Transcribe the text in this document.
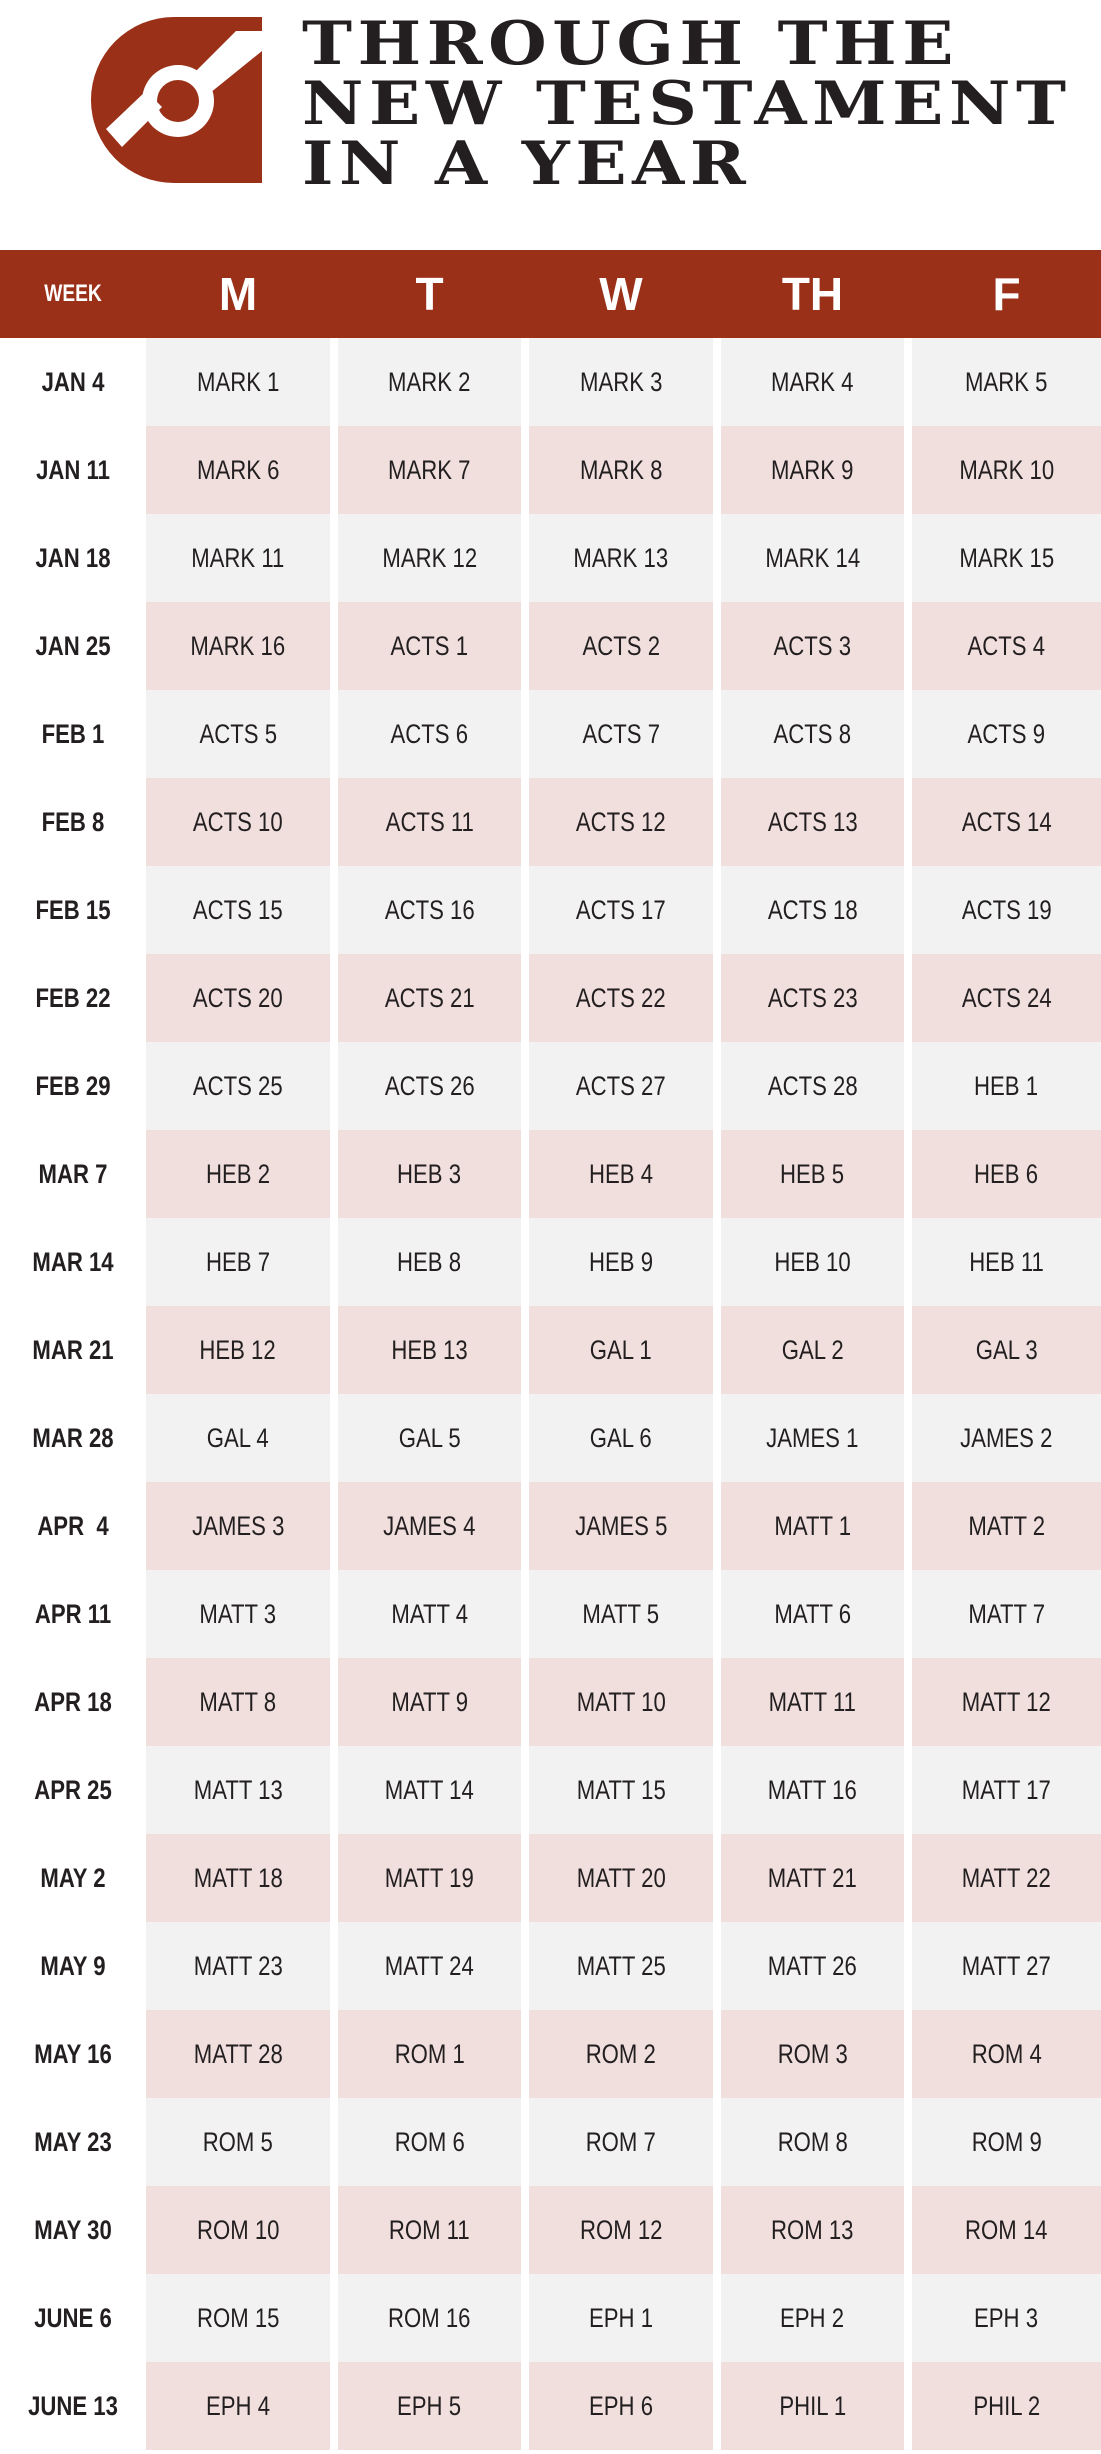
THROUGH THE
NEW TESTAMENT
IN A YEAR
WEEK	M	T	W	TH	F
JAN 4	MARK 1	MARK 2	MARK 3	MARK 4	MARK 5
JAN 11	MARK 6	MARK 7	MARK 8	MARK 9	MARK 10
JAN 18	MARK 11	MARK 12	MARK 13	MARK 14	MARK 15
JAN 25	MARK 16	ACTS 1	ACTS 2	ACTS 3	ACTS 4
FEB 1	ACTS 5	ACTS 6	ACTS 7	ACTS 8	ACTS 9
FEB 8	ACTS 10	ACTS 11	ACTS 12	ACTS 13	ACTS 14
FEB 15	ACTS 15	ACTS 16	ACTS 17	ACTS 18	ACTS 19
FEB 22	ACTS 20	ACTS 21	ACTS 22	ACTS 23	ACTS 24
FEB 29	ACTS 25	ACTS 26	ACTS 27	ACTS 28	HEB 1
MAR 7	HEB 2	HEB 3	HEB 4	HEB 5	HEB 6
MAR 14	HEB 7	HEB 8	HEB 9	HEB 10	HEB 11
MAR 21	HEB 12	HEB 13	GAL 1	GAL 2	GAL 3
MAR 28	GAL 4	GAL 5	GAL 6	JAMES 1	JAMES 2
APR  4	JAMES 3	JAMES 4	JAMES 5	MATT 1	MATT 2
APR 11	MATT 3	MATT 4	MATT 5	MATT 6	MATT 7
APR 18	MATT 8	MATT 9	MATT 10	MATT 11	MATT 12
APR 25	MATT 13	MATT 14	MATT 15	MATT 16	MATT 17
MAY 2	MATT 18	MATT 19	MATT 20	MATT 21	MATT 22
MAY 9	MATT 23	MATT 24	MATT 25	MATT 26	MATT 27
MAY 16	MATT 28	ROM 1	ROM 2	ROM 3	ROM 4
MAY 23	ROM 5	ROM 6	ROM 7	ROM 8	ROM 9
MAY 30	ROM 10	ROM 11	ROM 12	ROM 13	ROM 14
JUNE 6	ROM 15	ROM 16	EPH 1	EPH 2	EPH 3
JUNE 13	EPH 4	EPH 5	EPH 6	PHIL 1	PHIL 2
